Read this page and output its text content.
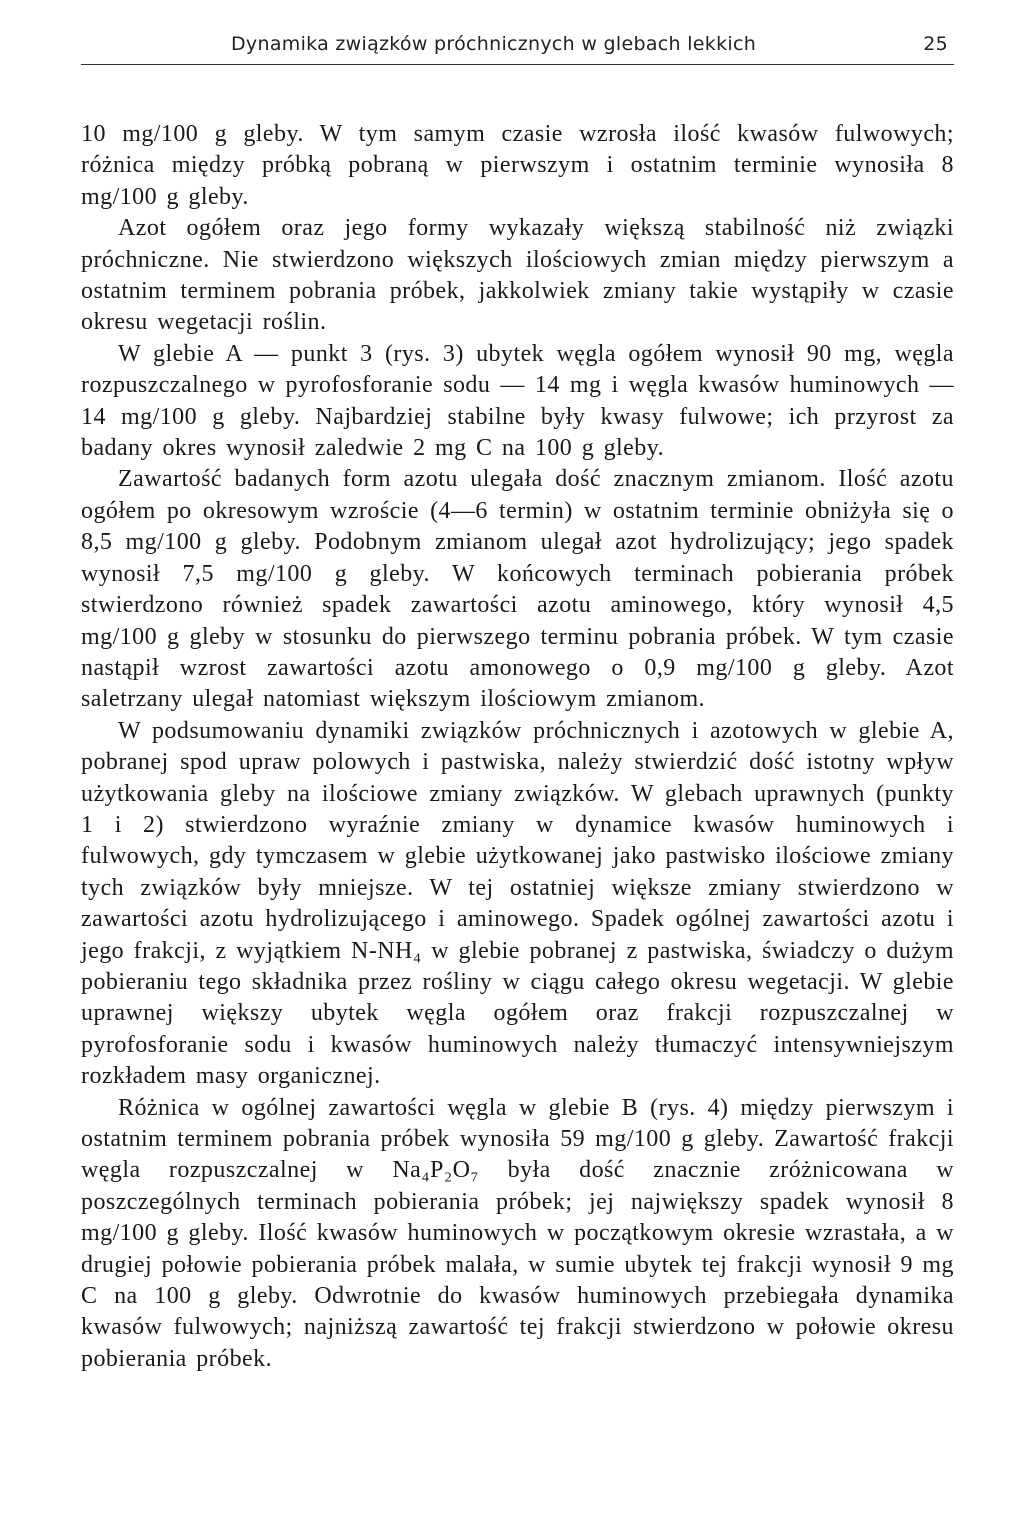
Dynamika związków próchnicznych w glebach lekkich	25

10 mg/100 g gleby. W tym samym czasie wzrosła ilość kwasów fulwowych; różnica między próbką pobraną w pierwszym i ostatnim terminie wynosiła 8 mg/100 g gleby.

Azot ogółem oraz jego formy wykazały większą stabilność niż związki próchniczne. Nie stwierdzono większych ilościowych zmian między pierwszym a ostatnim terminem pobrania próbek, jakkolwiek zmiany takie wystąpiły w czasie okresu wegetacji roślin.

W glebie A — punkt 3 (rys. 3) ubytek węgla ogółem wynosił 90 mg, węgla rozpuszczalnego w pyrofosforanie sodu — 14 mg i węgla kwasów huminowych — 14 mg/100 g gleby. Najbardziej stabilne były kwasy fulwowe; ich przyrost za badany okres wynosił zaledwie 2 mg C na 100 g gleby.

Zawartość badanych form azotu ulegała dość znacznym zmianom. Ilość azotu ogółem po okresowym wzroście (4—6 termin) w ostatnim terminie obniżyła się o 8,5 mg/100 g gleby. Podobnym zmianom ulegał azot hydrolizujący; jego spadek wynosił 7,5 mg/100 g gleby. W końcowych terminach pobierania próbek stwierdzono również spadek zawartości azotu aminowego, który wynosił 4,5 mg/100 g gleby w stosunku do pierwszego terminu pobrania próbek. W tym czasie nastąpił wzrost zawartości azotu amonowego o 0,9 mg/100 g gleby. Azot saletrzany ulegał natomiast większym ilościowym zmianom.

W podsumowaniu dynamiki związków próchnicznych i azotowych w glebie A, pobranej spod upraw polowych i pastwiska, należy stwierdzić dość istotny wpływ użytkowania gleby na ilościowe zmiany związków. W glebach uprawnych (punkty 1 i 2) stwierdzono wyraźnie zmiany w dynamice kwasów huminowych i fulwowych, gdy tymczasem w glebie użytkowanej jako pastwisko ilościowe zmiany tych związków były mniejsze. W tej ostatniej większe zmiany stwierdzono w zawartości azotu hydrolizującego i aminowego. Spadek ogólnej zawartości azotu i jego frakcji, z wyjątkiem N-NH₄ w glebie pobranej z pastwiska, świadczy o dużym pobieraniu tego składnika przez rośliny w ciągu całego okresu wegetacji. W glebie uprawnej większy ubytek węgla ogółem oraz frakcji rozpuszczalnej w pyrofosforanie sodu i kwasów huminowych należy tłumaczyć intensywniejszym rozkładem masy organicznej.

Różnica w ogólnej zawartości węgla w glebie B (rys. 4) między pierwszym i ostatnim terminem pobrania próbek wynosiła 59 mg/100 g gleby. Zawartość frakcji węgla rozpuszczalnej w Na₄P₂O₇ była dość znacznie zróżnicowana w poszczególnych terminach pobierania próbek; jej największy spadek wynosił 8 mg/100 g gleby. Ilość kwasów huminowych w początkowym okresie wzrastała, a w drugiej połowie pobierania próbek malała, w sumie ubytek tej frakcji wynosił 9 mg C na 100 g gleby. Odwrotnie do kwasów huminowych przebiegała dynamika kwasów fulwowych; najniższą zawartość tej frakcji stwierdzono w połowie okresu pobierania próbek.
